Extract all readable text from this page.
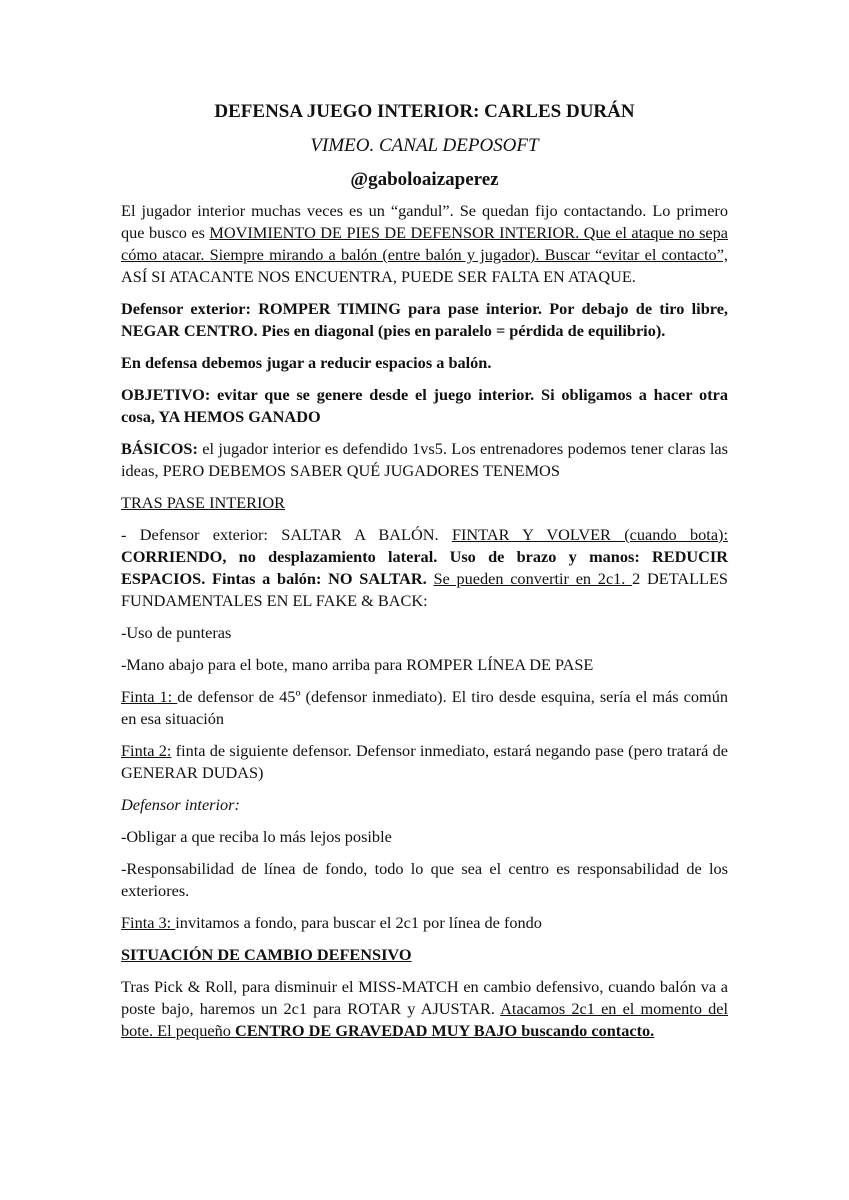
DEFENSA JUEGO INTERIOR: CARLES DURÁN
VIMEO. CANAL DEPOSOFT
@gaboloaizaperez

El jugador interior muchas veces es un “gandul”. Se quedan fijo contactando. Lo primero que busco es MOVIMIENTO DE PIES DE DEFENSOR INTERIOR. Que el ataque no sepa cómo atacar. Siempre mirando a balón (entre balón y jugador). Buscar “evitar el contacto”, ASÍ SI ATACANTE NOS ENCUENTRA, PUEDE SER FALTA EN ATAQUE.

Defensor exterior: ROMPER TIMING para pase interior. Por debajo de tiro libre, NEGAR CENTRO. Pies en diagonal (pies en paralelo = pérdida de equilibrio).

En defensa debemos jugar a reducir espacios a balón.

OBJETIVO: evitar que se genere desde el juego interior. Si obligamos a hacer otra cosa, YA HEMOS GANADO

BÁSICOS: el jugador interior es defendido 1vs5. Los entrenadores podemos tener claras las ideas, PERO DEBEMOS SABER QUÉ JUGADORES TENEMOS

TRAS PASE INTERIOR

- Defensor exterior: SALTAR A BALÓN. FINTAR Y VOLVER (cuando bota): CORRIENDO, no desplazamiento lateral. Uso de brazo y manos: REDUCIR ESPACIOS. Fintas a balón: NO SALTAR. Se pueden convertir en 2c1. 2 DETALLES FUNDAMENTALES EN EL FAKE & BACK:

-Uso de punteras

-Mano abajo para el bote, mano arriba para ROMPER LÍNEA DE PASE

Finta 1: de defensor de 45º (defensor inmediato). El tiro desde esquina, sería el más común en esa situación

Finta 2: finta de siguiente defensor. Defensor inmediato, estará negando pase (pero tratará de GENERAR DUDAS)

Defensor interior:

-Obligar a que reciba lo más lejos posible

-Responsabilidad de línea de fondo, todo lo que sea el centro es responsabilidad de los exteriores.

Finta 3: invitamos a fondo, para buscar el 2c1 por línea de fondo

SITUACIÓN DE CAMBIO DEFENSIVO

Tras Pick & Roll, para disminuir el MISS-MATCH en cambio defensivo, cuando balón va a poste bajo, haremos un 2c1 para ROTAR y AJUSTAR. Atacamos 2c1 en el momento del bote. El pequeño CENTRO DE GRAVEDAD MUY BAJO buscando contacto.
